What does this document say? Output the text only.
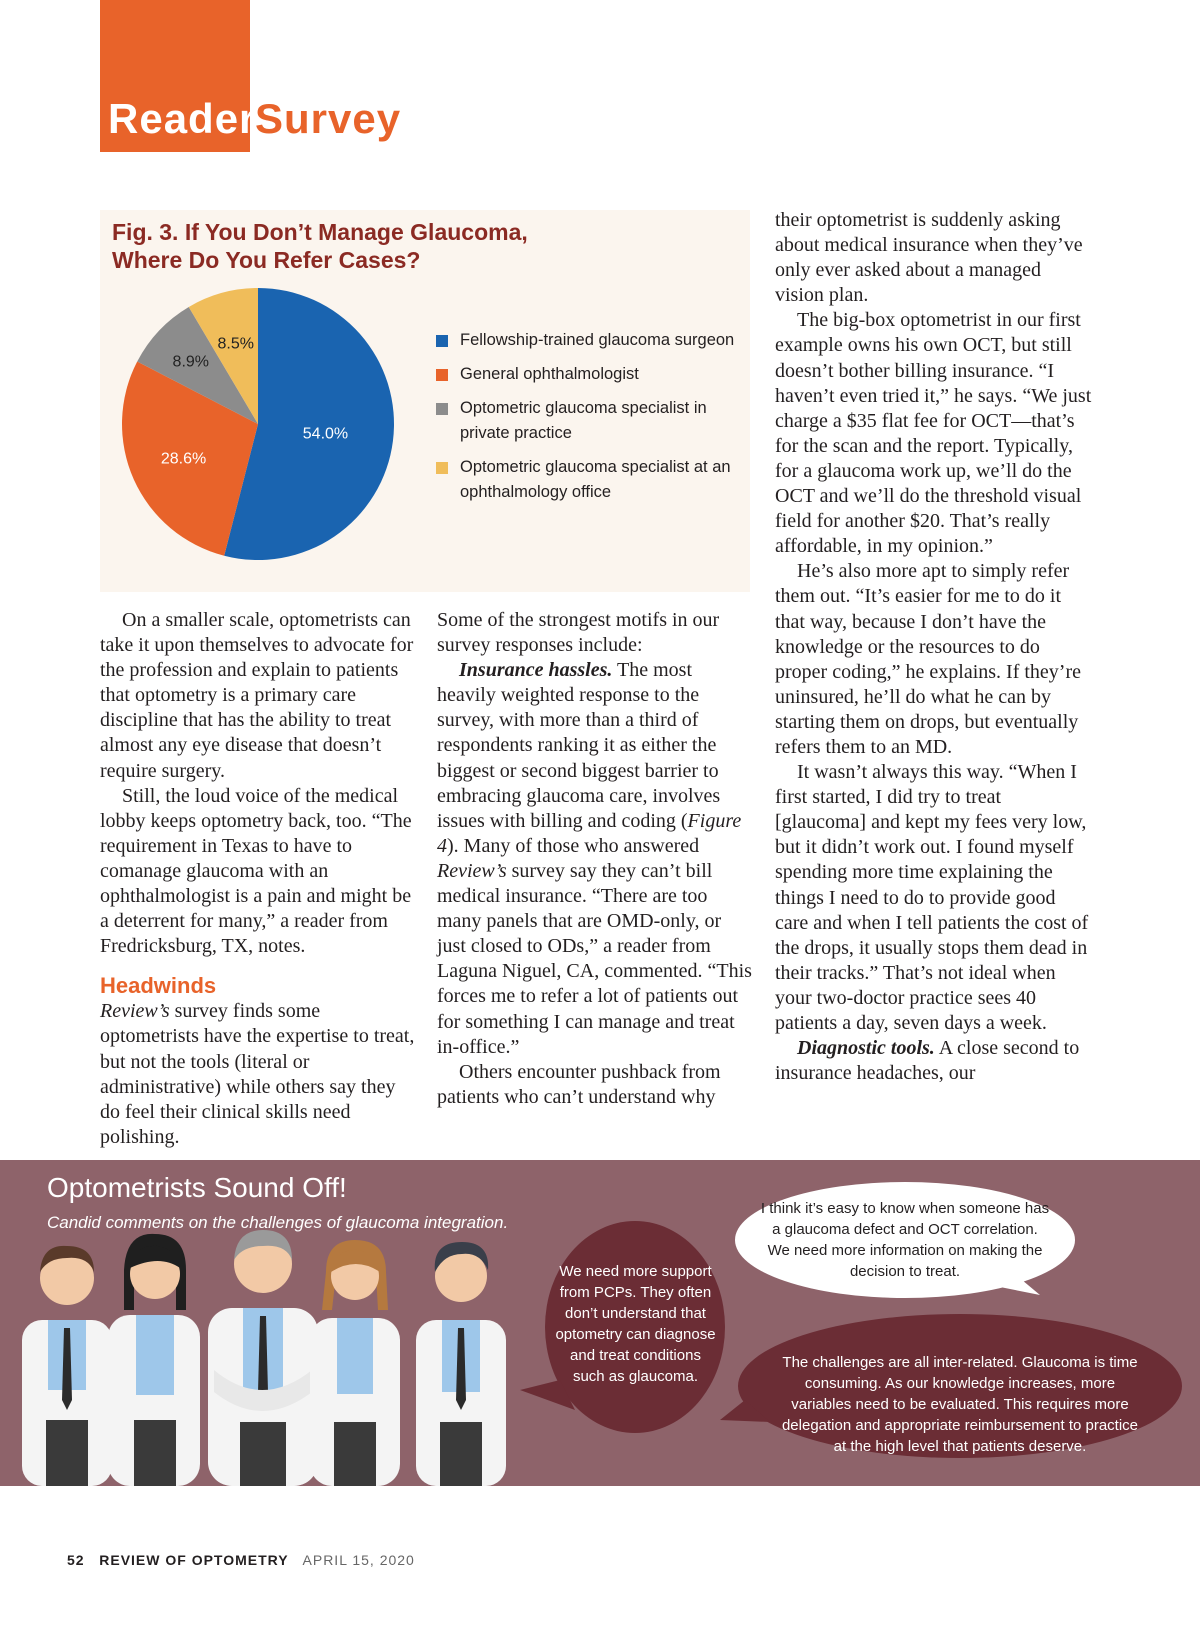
Reader
Survey
Fig. 3. If You Don’t Manage Glaucoma,
Where Do You Refer Cases?
54.0%
28.6%
8.9%
8.5%	Fellowship-trained glaucoma surgeon
General ophthalmologist
Optometric glaucoma specialist in
private practice
Optometric glaucoma specialist at an
ophthalmology office

On a smaller scale, optometrists can take it upon themselves to advocate for the profession and explain to patients that optometry is a primary care discipline that has the ability to treat almost any eye disease that doesn’t require surgery.

Still, the loud voice of the medical lobby keeps optometry back, too. “The requirement in Texas to have to comanage glaucoma with an ophthalmologist is a pain and might be a deterrent for many,” a reader from Fredricksburg, TX, notes.

Headwinds

Review’s survey finds some optometrists have the expertise to treat, but not the tools (literal or administrative) while others say they do feel their clinical skills need polishing.

Some of the strongest motifs in our survey responses include:

Insurance hassles. The most heavily weighted response to the survey, with more than a third of respondents ranking it as either the biggest or second biggest barrier to embracing glaucoma care, involves issues with billing and coding (Figure 4). Many of those who answered Review’s survey say they can’t bill medical insurance. “There are too many panels that are OMD-only, or just closed to ODs,” a reader from Laguna Niguel, CA, commented. “This forces me to refer a lot of patients out for something I can manage and treat in-office.”

Others encounter pushback from patients who can’t understand why

their optometrist is suddenly asking about medical insurance when they’ve only ever asked about a managed vision plan.

The big-box optometrist in our first example owns his own OCT, but still doesn’t bother billing insurance. “I haven’t even tried it,” he says. “We just charge a $35 flat fee for OCT—that’s for the scan and the report. Typically, for a glaucoma work up, we’ll do the OCT and we’ll do the threshold visual field for another $20. That’s really affordable, in my opinion.”

He’s also more apt to simply refer them out. “It’s easier for me to do it that way, because I don’t have the knowledge or the resources to do proper coding,” he explains. If they’re uninsured, he’ll do what he can by starting them on drops, but eventually refers them to an MD.

It wasn’t always this way. “When I first started, I did try to treat [glaucoma] and kept my fees very low, but it didn’t work out. I found myself spending more time explaining the things I need to do to provide good care and when I tell patients the cost of the drops, it usually stops them dead in their tracks.” That’s not ideal when your two-doctor practice sees 40 patients a day, seven days a week.

Diagnostic tools. A close second to insurance headaches, our

Optometrists Sound Off!
Candid comments on the challenges of glaucoma integration.
We need more support from PCPs. They often don’t understand that optometry can diagnose and treat conditions such as glaucoma.
I think it’s easy to know when someone has a glaucoma defect and OCT correlation. We need more information on making the decision to treat.
The challenges are all inter-related. Glaucoma is time consuming. As our knowledge increases, more variables need to be evaluated. This requires more delegation and appropriate reimbursement to practice at the high level that patients deserve.
52 REVIEW OF OPTOMETRY APRIL 15, 2020
